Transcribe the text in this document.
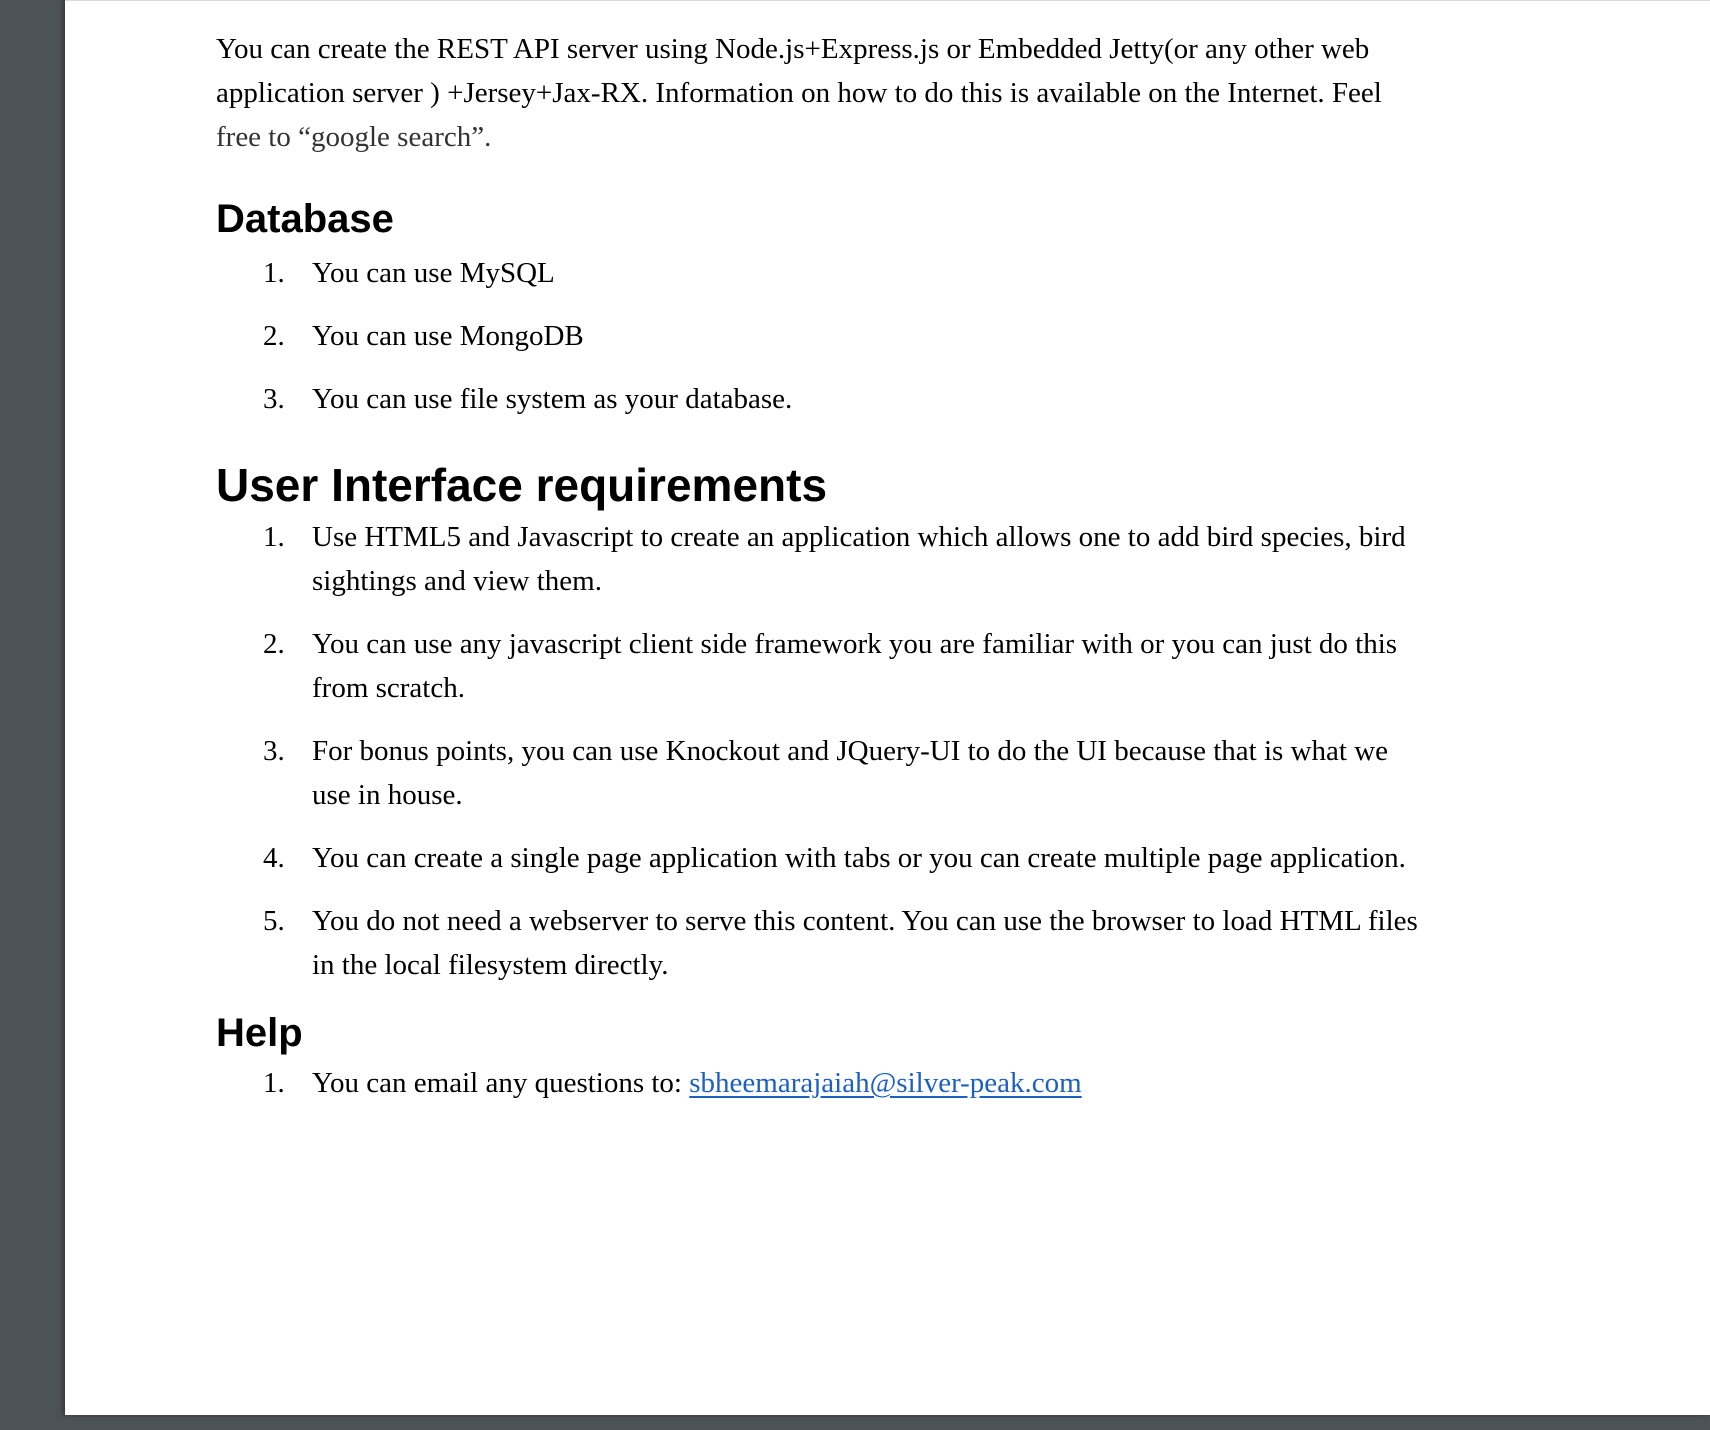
You can create the REST API server using Node.js+Express.js or Embedded Jetty(or any other web
application server ) +Jersey+Jax-RX. Information on how to do this is available on the Internet. Feel
free to “google search”.

Database
1. You can use MySQL
2. You can use MongoDB
3. You can use file system as your database.
User Interface requirements
1. Use HTML5 and Javascript to create an application which allows one to add bird species, bird
sightings and view them.
2. You can use any javascript client side framework you are familiar with or you can just do this
from scratch.
3. For bonus points, you can use Knockout and JQuery-UI to do the UI because that is what we
use in house.
4. You can create a single page application with tabs or you can create multiple page application.
5. You do not need a webserver to serve this content. You can use the browser to load HTML files
in the local filesystem directly.
Help
1. You can email any questions to: sbheemarajaiah@silver-peak.com
